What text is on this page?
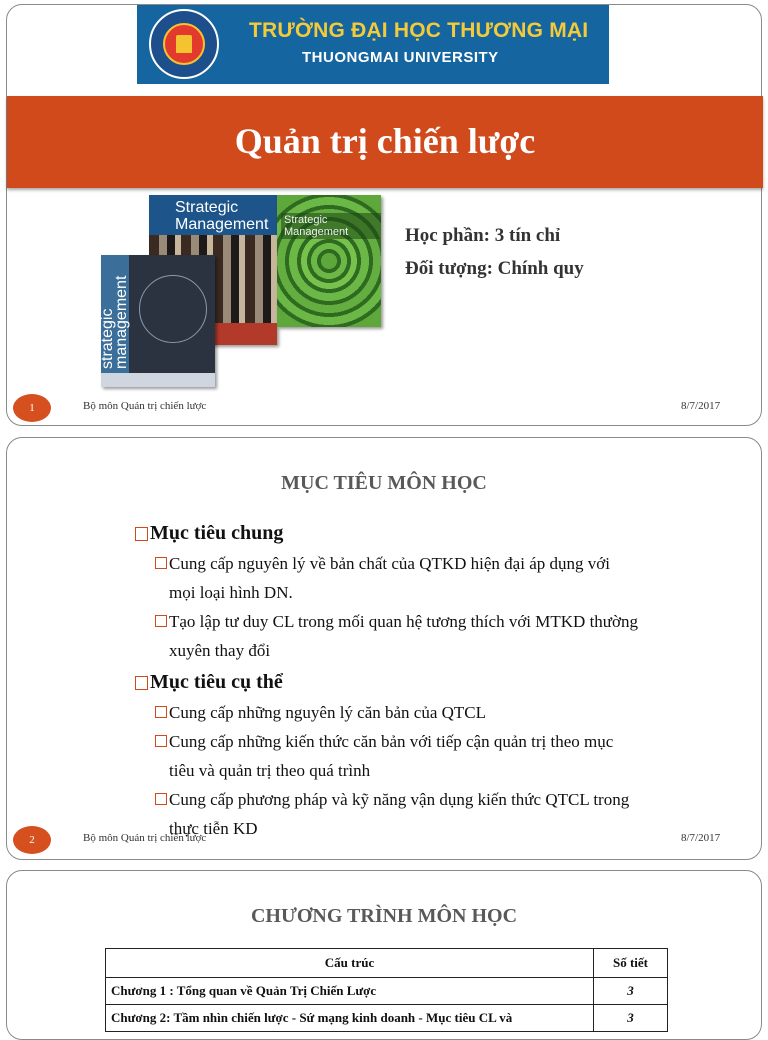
TRƯỜNG ĐẠI HỌC THƯƠNG MẠI
THUONGMAI UNIVERSITY
Quản trị chiến lược
Strategic Management	Strategic Management
strategic management
Học phần: 3 tín chỉ
Đối tượng: Chính quy
1	Bộ môn Quản trị chiến lược	8/7/2017
MỤC TIÊU MÔN HỌC
Mục tiêu chung
Cung cấp nguyên lý về bản chất của QTKD hiện đại áp dụng với mọi loại hình DN.
Tạo lập tư duy CL trong mối quan hệ tương thích với MTKD thường xuyên thay đổi
Mục tiêu cụ thể
Cung cấp những nguyên lý căn bản của QTCL
Cung cấp những kiến thức căn bản với tiếp cận quản trị theo mục tiêu và quản trị theo quá trình
Cung cấp phương pháp và kỹ năng vận dụng kiến thức QTCL trong thực tiễn KD
2	Bộ môn Quản trị chiến lược	8/7/2017
CHƯƠNG TRÌNH MÔN HỌC
Cấu trúc	Số tiết
Chương 1 : Tổng quan về Quản Trị Chiến Lược	3
Chương 2: Tầm nhìn chiến lược - Sứ mạng kinh doanh - Mục tiêu CL và	3
